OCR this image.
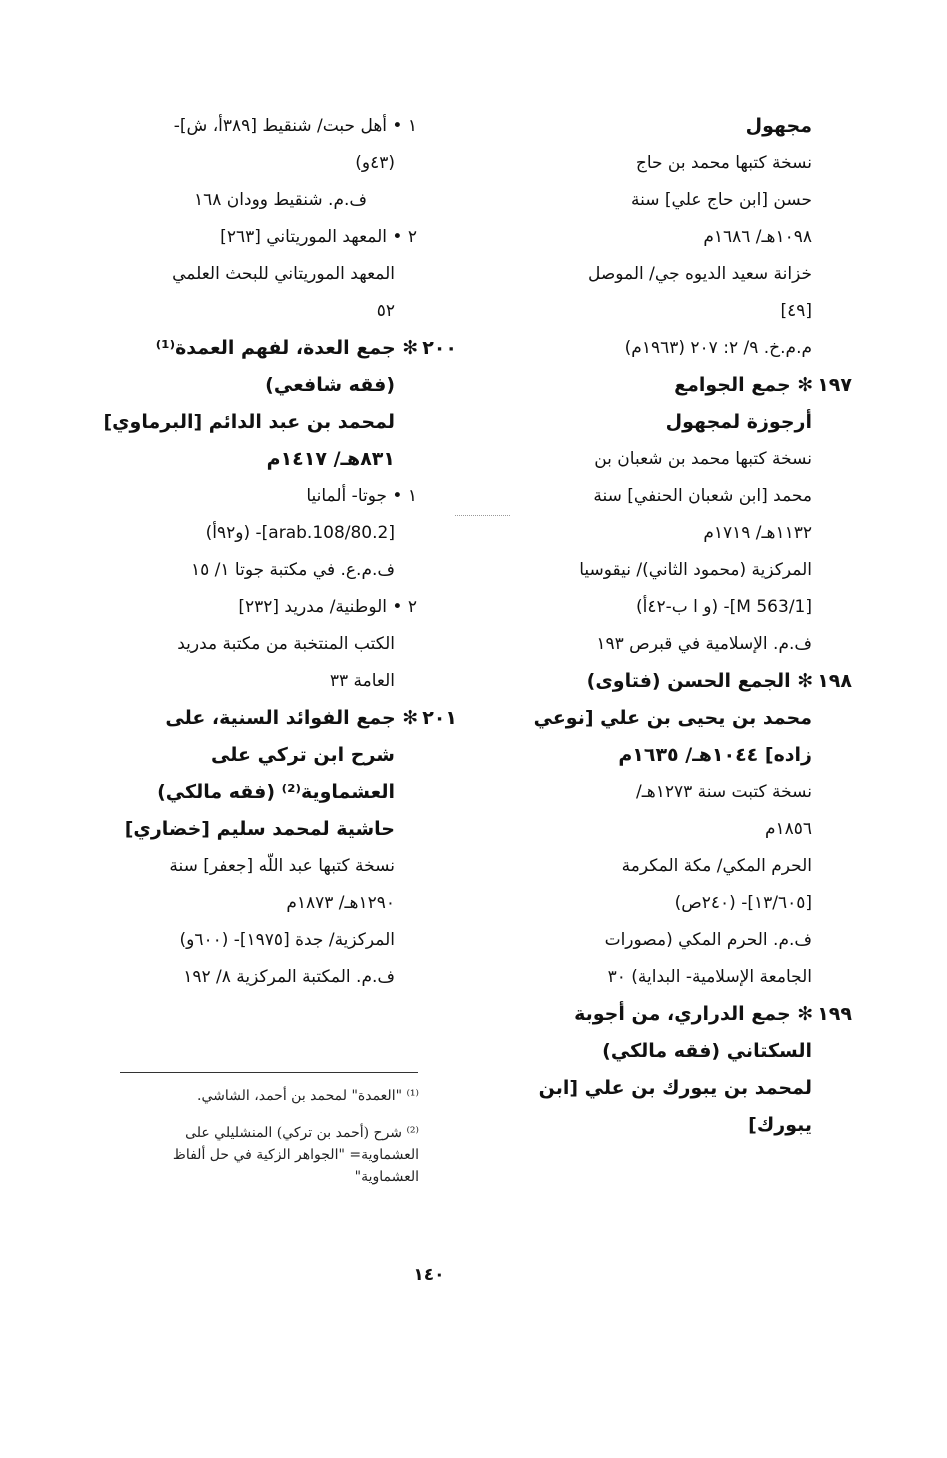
مجهول
نسخة كتبها محمد بن حاج
حسن [ابن حاج علي] سنة
١٠٩٨هـ/ ١٦٨٦م
خزانة سعيد الديوه جي/ الموصل
[٤٩]
م.م.خ. ٩/ ٢: ٢٠٧ (١٩٦٣م)
١٩٧✻ جمع الجوامع
أرجوزة لمجهول
نسخة كتبها محمد بن شعبان بن
محمد [ابن شعبان الحنفي] سنة
١١٣٢هـ/ ١٧١٩م
المركزية (محمود الثاني)/ نيقوسيا
[M 563/1]- (و ا ب-٤٢أ)
ف.م. الإسلامية في قبرص ١٩٣
١٩٨✻ الجمع الحسن (فتاوى)
محمد بن يحيى بن علي [نوعي
زاده] ١٠٤٤هـ/ ١٦٣٥م
نسخة كتبت سنة ١٢٧٣هـ/
١٨٥٦م
الحرم المكي/ مكة المكرمة
[١٣/٦٠٥]- (٢٤٠ص)
ف.م. الحرم المكي (مصورات
الجامعة الإسلامية- البداية) ٣٠
١٩٩✻ جمع الدراري، من أجوبة
السكتاني (فقه مالكي)
لمحمد بن يبورك بن علي [ابن
يبورك]
١ • أهل حبت/ شنقيط [٣٨٩أ، ش]-
(٤٣و)
ف.م. شنقيط وودان ١٦٨
٢ • المعهد الموريتاني [٢٦٣]
المعهد الموريتاني للبحث العلمي
٥٢
٢٠٠✻ جمع العدة، لفهم العمدة⁽¹⁾
(فقه شافعي)
لمحمد بن عبد الدائم [البرماوي]
٨٣١هـ/ ١٤١٧م
١ • جوتا- ألمانيا
[2.arab.108/80]- (و٩٢أ)
ف.م.ع. في مكتبة جوتا ١/ ١٥
٢ • الوطنية/ مدريد [٢٣٢]
الكتب المنتخبة من مكتبة مدريد
العامة ٣٣
٢٠١✻ جمع الفوائد السنية، على
شرح ابن تركي على
العشماوية⁽²⁾ (فقه مالكي)
حاشية لمحمد سليم [خضاري]
نسخة كتبها عبد اللّه [جعفر] سنة
١٢٩٠هـ/ ١٨٧٣م
المركزية/ جدة [١٩٧٥]- (٦٠٠و)
ف.م. المكتبة المركزية ٨/ ١٩٢
⁽¹⁾ "العمدة" لمحمد بن أحمد، الشاشي.
⁽²⁾ شرح (أحمد بن تركي) المنشليلي على العشماوية= "الجواهر الزكية في حل ألفاظ العشماوية"
١٤٠
